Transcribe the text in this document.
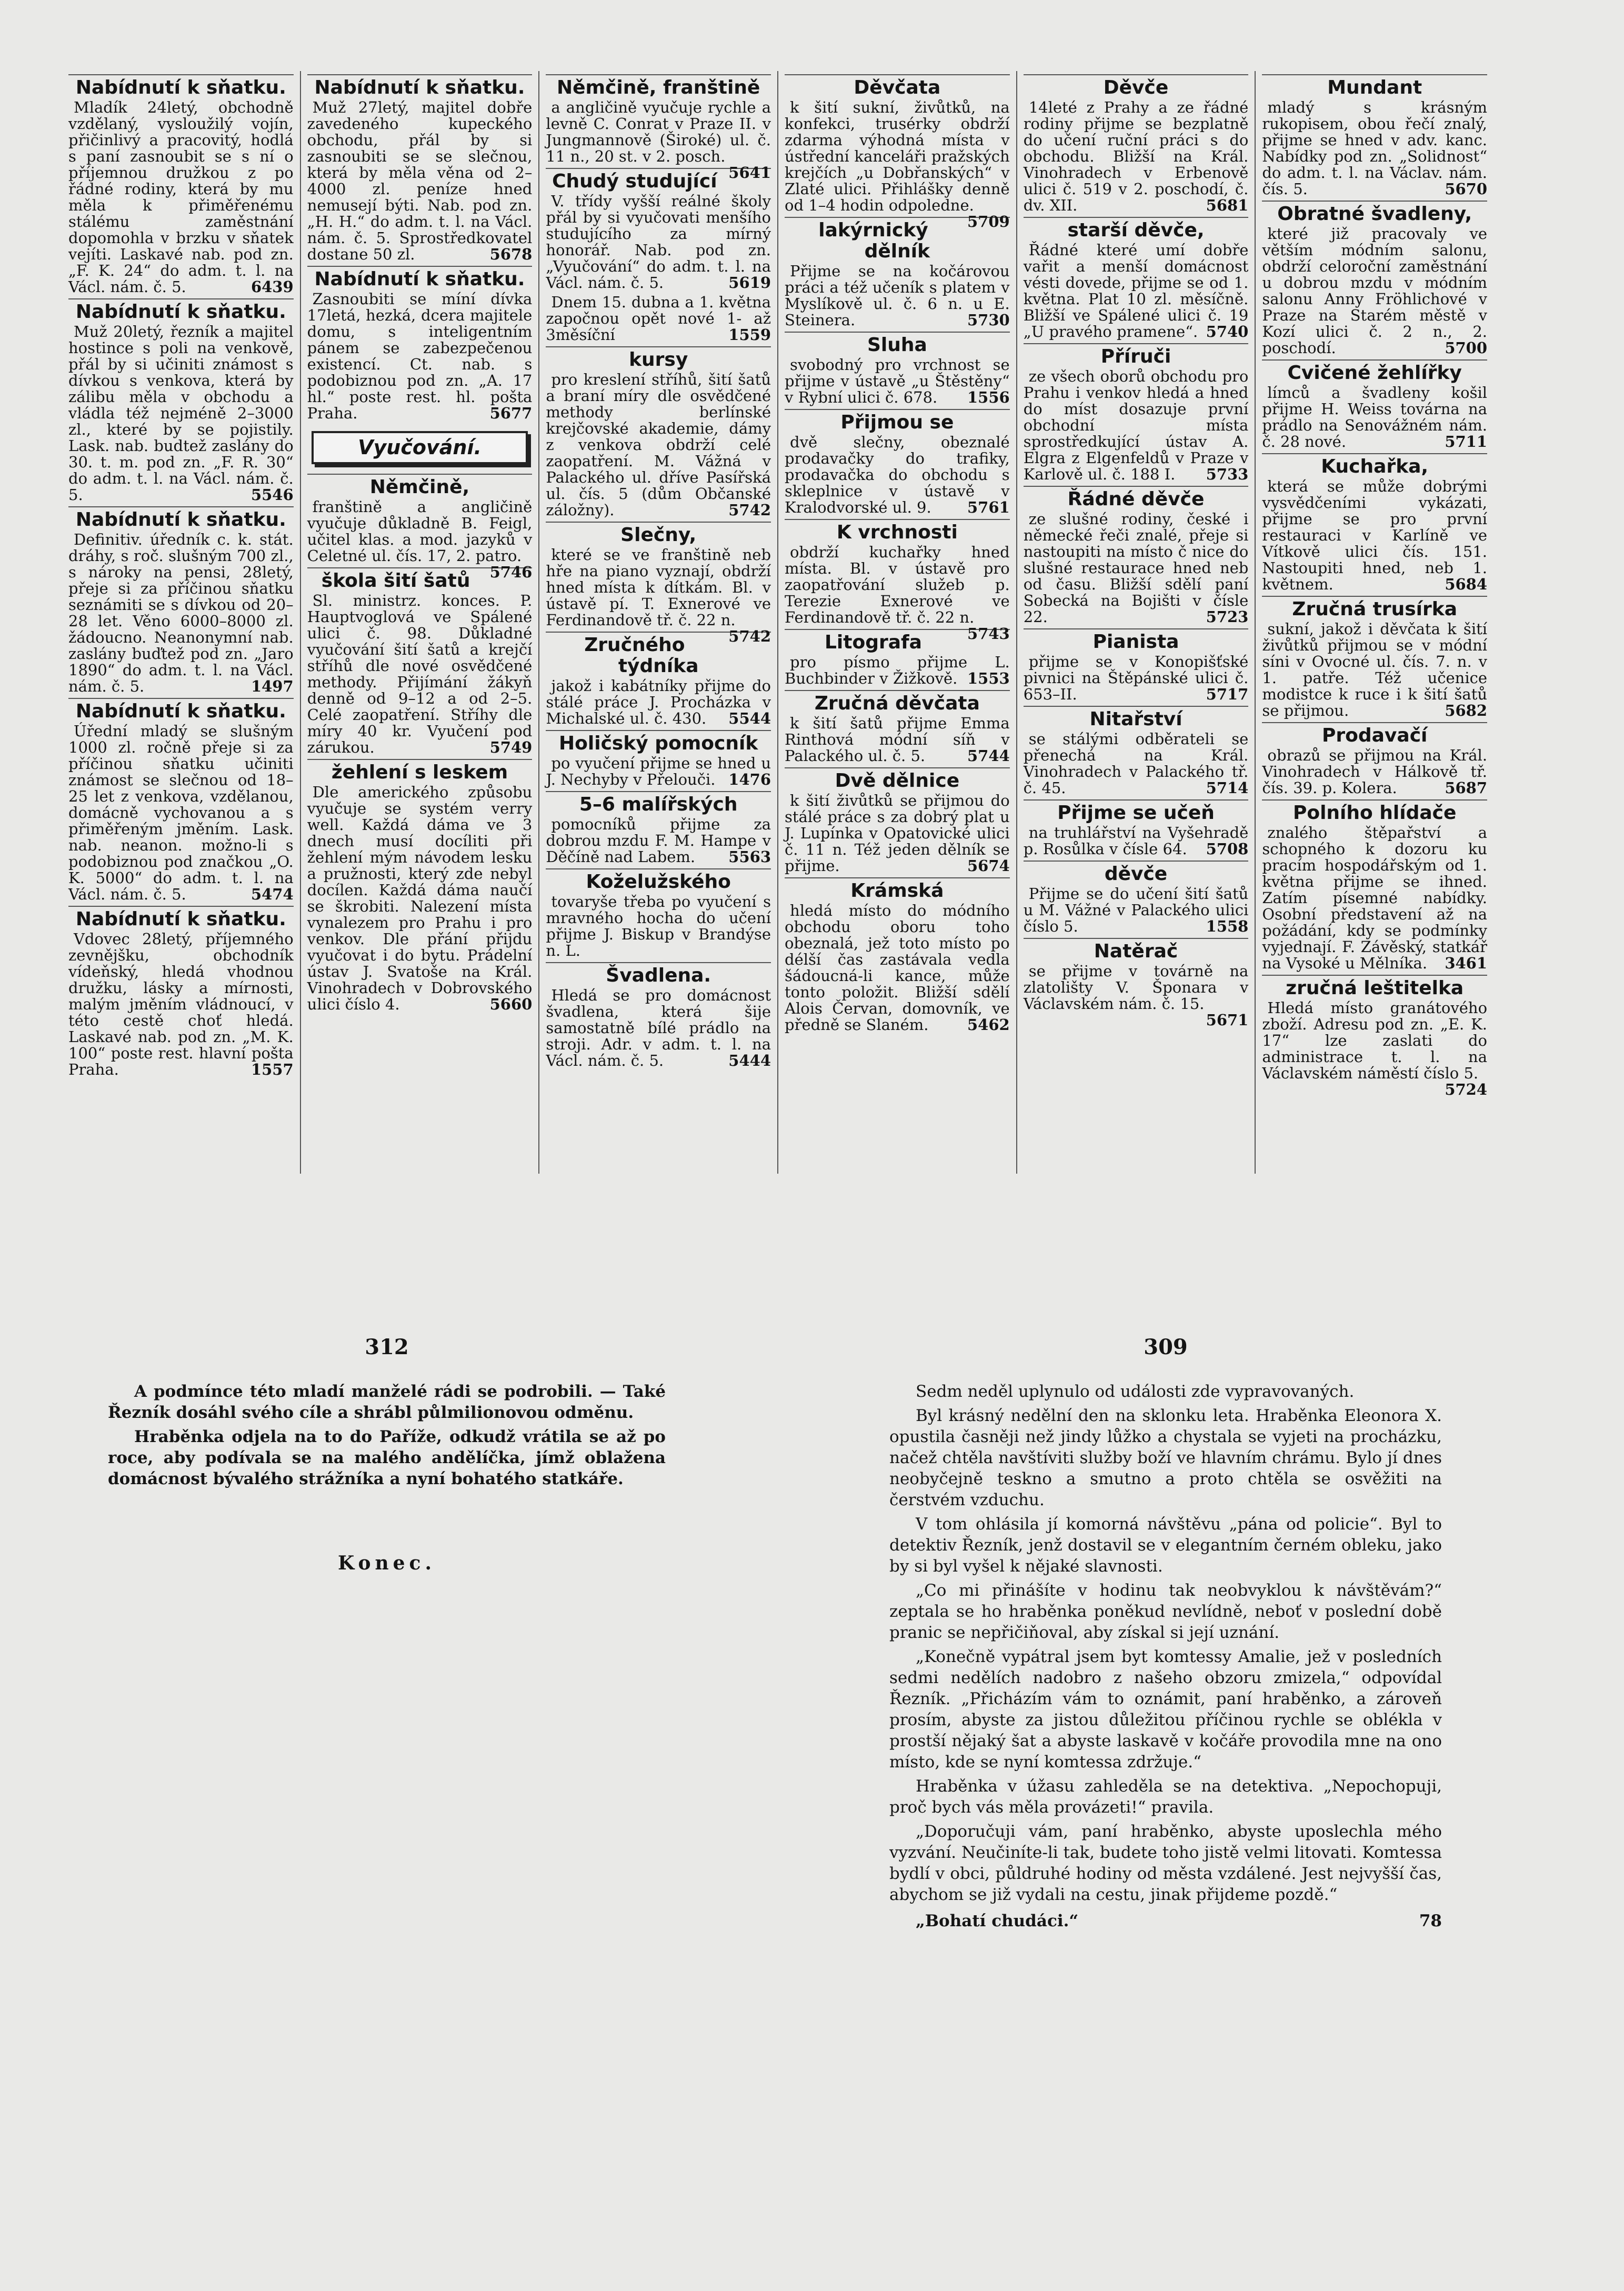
Nabídnutí k sňatku.

Mladík 24letý, obchodně vzdělaný, vysloužilý vojín, přičinlivý a pracovitý, hodlá s paní zasnoubit se s ní o příjemnou družkou z po řádné rodiny, která by mu měla k přiměřenému stálému zaměstnání dopomohla v brzku v sňatek vejíti. Laskavé nab. pod zn. „F. K. 24“ do adm. t. l. na Václ. nám. č. 5.	6439

Nabídnutí k sňatku.

Muž 20letý, řezník a majitel hostince s poli na venkově, přál by si učiniti známost s dívkou s venkova, která by zálibu měla v obchodu a vládla též nejméně 2–3000 zl., které by se pojistily. Lask. nab. budtež zaslány do 30. t. m. pod zn. „F. R. 30“ do adm. t. l. na Václ. nám. č. 5.	5546

Nabídnutí k sňatku.

Definitiv. úředník c. k. stát. dráhy, s roč. slušným 700 zl., s nároky na pensi, 28letý, přeje si za příčinou sňatku seznámiti se s dívkou od 20–28 let. Věno 6000–8000 zl. žádoucno. Neanonymní nab. zaslány buďtež pod zn. „Jaro 1890“ do adm. t. l. na Václ. nám. č. 5.	1497

Nabídnutí k sňatku.

Úřední mladý se slušným 1000 zl. ročně přeje si za příčinou sňatku učiniti známost se slečnou od 18–25 let z venkova, vzdělanou, domácně vychovanou a s přiměřeným jměním. Lask. nab. neanon. možno-li s podobiznou pod značkou „O. K. 5000“ do adm. t. l. na Václ. nám. č. 5.	5474

Nabídnutí k sňatku.

Vdovec 28letý, příjemného zevnějšku, obchodník vídeňský, hledá vhodnou družku, lásky a mírnosti, malým jměním vládnoucí, v této cestě choť hledá. Laskavé nab. pod zn. „M. K. 100“ poste rest. hlavní pošta Praha.	1557

Nabídnutí k sňatku.

Muž 27letý, majitel dobře zavedeného kupeckého obchodu, přál by si zasnoubiti se se slečnou, která by měla věna od 2–4000 zl. peníze hned nemusejí býti. Nab. pod zn. „H. H.“ do adm. t. l. na Václ. nám. č. 5. Sprostředkovatel dostane 50 zl.	5678

Nabídnutí k sňatku.

Zasnoubiti se míní dívka 17letá, hezká, dcera majitele domu, s inteligentním pánem se zabezpečenou existencí. Ct. nab. s podobiznou pod zn. „A. 17 hl.“ poste rest. hl. pošta Praha.	5677

Vyučování.
Němčině,

franštině a angličině vyučuje důkladně B. Feigl, učitel klas. a mod. jazyků v Celetné ul. čís. 17, 2. patro.
5746

škola šití šatů

Sl. ministrz. konces. P. Hauptvoglová ve Spálené ulici č. 98. Důkladné vyučování šití šatů a krejčí stříhů dle nové osvědčené methody. Přijímání žákyň denně od 9–12 a od 2–5. Celé zaopatření. Stříhy dle míry 40 kr. Vyučení pod zárukou.	5749

žehlení s leskem

Dle amerického způsobu vyučuje se systém verry well. Každá dáma ve 3 dnech musí docíliti při žehlení mým návodem lesku a pružnosti, který zde nebyl docílen. Každá dáma naučí se škrobiti. Nalezení místa vynalezem pro Prahu i pro venkov. Dle přání přijdu vyučovat i do bytu. Prádelní ústav J. Svatoše na Král. Vinohradech v Dobrovského ulici číslo 4.	5660

Němčině, franštině

a angličině vyučuje rychle a levně C. Conrat v Praze II. v Jungmannově (Široké) ul. č. 11 n., 20 st. v 2. posch.
5641

Chudý studující

V. třídy vyšší reálné školy přál by si vyučovati menšího studujícího za mírný honorář. Nab. pod zn. „Vyučování“ do adm. t. l. na Václ. nám. č. 5.	5619

Dnem 15. dubna a 1. května započnou opět nové 1- až 3měsíční	1559

kursy

pro kreslení stříhů, šití šatů a braní míry dle osvědčené methody berlínské krejčovské akademie, dámy z venkova obdrží celé zaopatření. M. Vážná v Palackého ul. dříve Pasířská ul. čís. 5 (dům Občanské záložny).	5742

Slečny,

které se ve franštině neb hře na piano vyznají, obdrží hned místa k dítkám. Bl. v ústavě pí. T. Exnerové ve Ferdinandově tř. č. 22 n.
5742

Zručného týdníka

jakož i kabátníky přijme do stálé práce J. Procházka v Michalské ul. č. 430.	5544

Holičský pomocník

po vyučení přijme se hned u J. Nechyby v Přelouči. 1476

5–6 malířských

pomocníků přijme za dobrou mzdu F. M. Hampe v Děčíně nad Labem.	5563

Koželužského

tovaryše třeba po vyučení s mravného hocha do učení přijme J. Biskup v Brandýse n. L.

Švadlena.

Hledá se pro domácnost švadlena, která šije samostatně bílé prádlo na stroji. Adr. v adm. t. l. na Václ. nám. č. 5.	5444

Děvčata

k šití sukní, živůtků, na konfekci, trusérky obdrží zdarma výhodná místa v ústřední kanceláři pražských krejčích „u Dobřanských“ v Zlaté ulici. Přihlášky denně od 1–4 hodin odpoledne.
5709

lakýrnický dělník

Přijme se na kočárovou práci a též učeník s platem v Myslíkově ul. č. 6 n. u E. Steinera.	5730

Sluha

svobodný pro vrchnost se přijme v ústavě „u Štěstěny“ v Rybní ulici č. 678.	1556

Přijmou se

dvě slečny, obeznalé prodavačky do trafiky, prodavačka do obchodu s skleplnice v ústavě v Kralodvorské ul. 9.	5761

K vrchnosti

obdrží kuchařky hned místa. Bl. v ústavě pro zaopatřování služeb p. Terezie Exnerové ve Ferdinandově tř. č. 22 n.
5743

Litografa

pro písmo přijme L. Buchbinder v Žižkově. 1553

Zručná děvčata

k šití šatů přijme Emma Rinthová módní síň v Palackého ul. č. 5.	5744

Dvě dělnice

k šití živůtků se přijmou do stálé práce s za dobrý plat u J. Lupínka v Opatovické ulici č. 11 n. Též jeden dělník se přijme.	5674

Krámská

hledá místo do módního obchodu oboru toho obeznalá, jež toto místo po délší čas zastávala vedla šádoucná-li kance, může tonto položit. Bližší sdělí Alois Červan, domovník, ve předně se Slaném.	5462

Děvče

14leté z Prahy a ze řádné rodiny přijme se bezplatně do učení ruční práci s do obchodu. Bližší na Král. Vinohradech v Erbenově ulici č. 519 v 2. poschodí, č. dv. XII.	5681

starší děvče,

Řádné které umí dobře vařit a menší domácnost vésti dovede, přijme se od 1. května. Plat 10 zl. měsíčně. Bližší ve Spálené ulici č. 19 „U pravého pramene“. 5740

Příruči

ze všech oborů obchodu pro Prahu i venkov hledá a hned do míst dosazuje první obchodní místa sprostředkující ústav A. Elgra z Elgenfeldů v Praze v Karlově ul. č. 188 I.	5733

Řádné děvče

ze slušné rodiny, české i německé řeči znalé, přeje si nastoupiti na místo č nice do slušné restaurace hned neb od času. Bližší sdělí paní Sobecká na Bojišti v čísle 22.	5723

Pianista

přijme se v Konopišťské pivnici na Štěpánské ulici č. 653–II.	5717

Nitařství

se stálými odběrateli se přenechá na Král. Vinohradech v Palackého tř. č. 45.	5714

Přijme se učeň

na truhlářství na Vyšehradě p. Rosůlka v čísle 64.	5708

děvče

Přijme se do učení šití šatů u M. Vážné v Palackého ulici číslo 5.	1558

Natěrač

se přijme v továrně na zlatolišty V. Šponara v Václavském nám. č. 15.
5671

Mundant

mladý s krásným rukopisem, obou řečí znalý, přijme se hned v adv. kanc. Nabídky pod zn. „Solidnost“ do adm. t. l. na Václav. nám. čís. 5.	5670

Obratné švadleny,

které již pracovaly ve větším módním salonu, obdrží celoroční zaměstnání u dobrou mzdu v módním salonu Anny Fröhlichové v Praze na Starém městě v Kozí ulici č. 2 n., 2. poschodí.	5700

Cvičené žehlířky

límců a švadleny košil přijme H. Weiss továrna na prádlo na Senovážném nám. č. 28 nové.	5711

Kuchařka,

která se může dobrými vysvědčeními vykázati, přijme se pro první restauraci v Karlíně ve Vítkově ulici čís. 151. Nastoupiti hned, neb 1. květnem.	5684

Zručná trusírka

sukní, jakož i děvčata k šití živůtků přijmou se v módní síni v Ovocné ul. čís. 7. n. v 1. patře. Též učenice modistce k ruce i k šití šatů se přijmou.	5682

Prodavačí

obrazů se přijmou na Král. Vinohradech v Hálkově tř. čís. 39. p. Kolera.	5687

Polního hlídače

znalého štěpařství a schopného k dozoru ku pracím hospodářským od 1. května přijme se ihned. Zatím písemné nabídky. Osobní představení až na požádání, kdy se podmínky vyjednají. F. Závěský, statkář na Vysoké u Mělníka.	3461

zručná leštitelka

Hledá místo granátového zboží. Adresu pod zn. „E. K. 17“ lze zaslati do administrace t. l. na Václavském náměstí číslo 5.
5724

312

A podmínce této mladí manželé rádi se podrobili. — Také Řezník dosáhl svého cíle a shrábl půlmilionovou odměnu.

Hraběnka odjela na to do Paříže, odkudž vrátila se až po roce, aby podívala se na malého andělíčka, jímž oblažena domácnost bývalého strážníka a nyní bohatého statkáře.

Konec.
309

Sedm neděl uplynulo od události zde vypravovaných.

Byl krásný nedělní den na sklonku leta. Hraběnka Eleonora X. opustila časněji než jindy lůžko a chystala se vyjeti na procházku, načež chtěla navštíviti služby boží ve hlavním chrámu. Bylo jí dnes neobyčejně teskno a smutno a proto chtěla se osvěžiti na čerstvém vzduchu.

V tom ohlásila jí komorná návštěvu „pána od policie“. Byl to detektiv Řezník, jenž dostavil se v elegantním černém obleku, jako by si byl vyšel k nějaké slavnosti.

„Co mi přinášíte v hodinu tak neobvyklou k návštěvám?“ zeptala se ho hraběnka poněkud nevlídně, neboť v poslední době pranic se nepřičiňoval, aby získal si její uznání.

„Konečně vypátral jsem byt komtessy Amalie, jež v posledních sedmi nedělích nadobro z našeho obzoru zmizela,“ odpovídal Řezník. „Přicházím vám to oznámit, paní hraběnko, a zároveň prosím, abyste za jistou důležitou příčinou rychle se oblékla v prostší nějaký šat a abyste laskavě v kočáře provodila mne na ono místo, kde se nyní komtessa zdržuje.“

Hraběnka v úžasu zahleděla se na detektiva. „Nepochopuji, proč bych vás měla provázeti!“ pravila.

„Doporučuji vám, paní hraběnko, abyste uposlechla mého vyzvání. Neučiníte-li tak, budete toho jistě velmi litovati. Komtessa bydlí v obci, půldruhé hodiny od města vzdálené. Jest nejvyšší čas, abychom se již vydali na cestu, jinak přijdeme pozdě.“

„Bohatí chudáci.“	78
